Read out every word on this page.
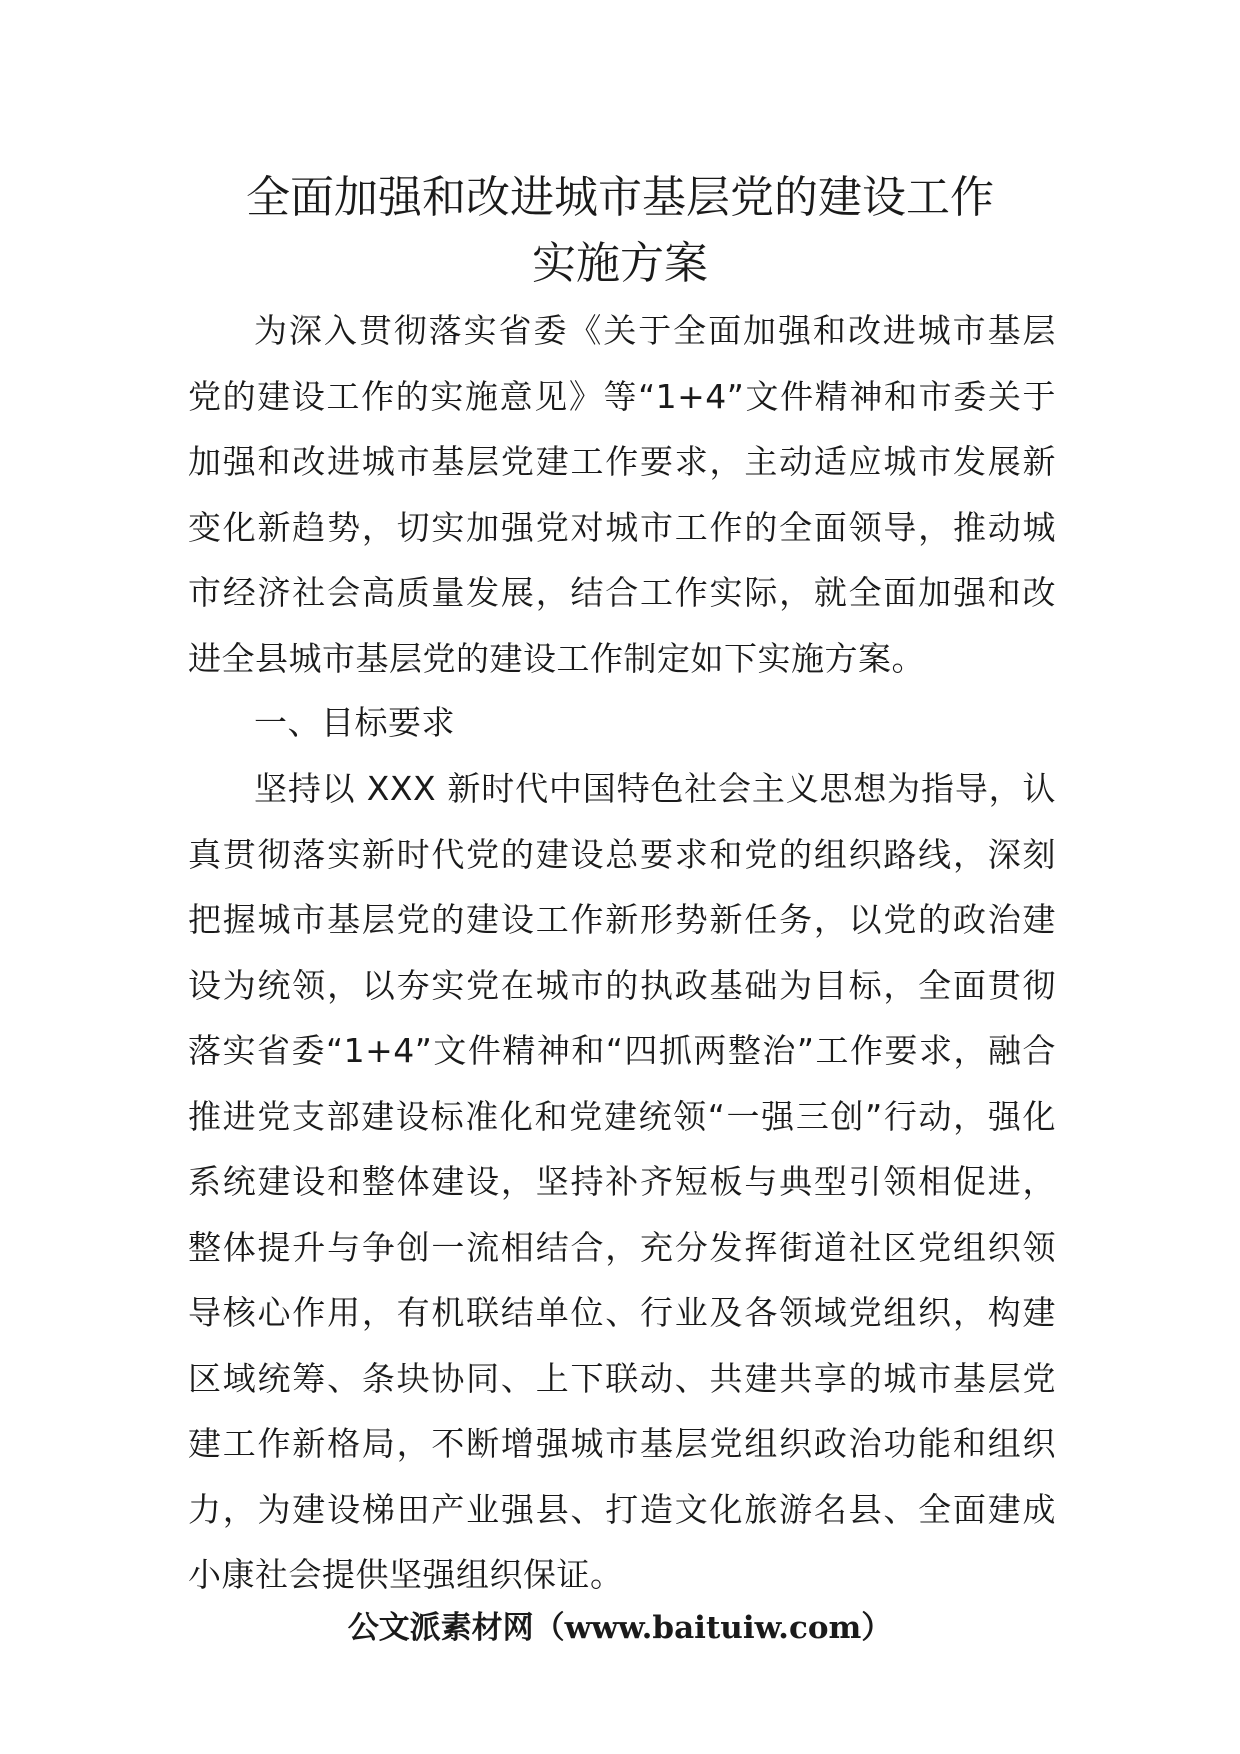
全面加强和改进城市基层党的建设工作
实施方案

为深入贯彻落实省委《关于全面加强和改进城市基层党的建设工作的实施意见》等“1+4”文件精神和市委关于加强和改进城市基层党建工作要求，主动适应城市发展新变化新趋势，切实加强党对城市工作的全面领导，推动城市经济社会高质量发展，结合工作实际，就全面加强和改进全县城市基层党的建设工作制定如下实施方案。

一、目标要求

坚持以 XXX 新时代中国特色社会主义思想为指导，认真贯彻落实新时代党的建设总要求和党的组织路线，深刻把握城市基层党的建设工作新形势新任务，以党的政治建设为统领，以夯实党在城市的执政基础为目标，全面贯彻落实省委“1+4”文件精神和“四抓两整治”工作要求，融合推进党支部建设标准化和党建统领“一强三创”行动，强化系统建设和整体建设，坚持补齐短板与典型引领相促进，整体提升与争创一流相结合，充分发挥街道社区党组织领导核心作用，有机联结单位、行业及各领域党组织，构建区域统筹、条块协同、上下联动、共建共享的城市基层党建工作新格局，不断增强城市基层党组织政治功能和组织力，为建设梯田产业强县、打造文化旅游名县、全面建成小康社会提供坚强组织保证。

公文派素材网（www.baituiw.com）
